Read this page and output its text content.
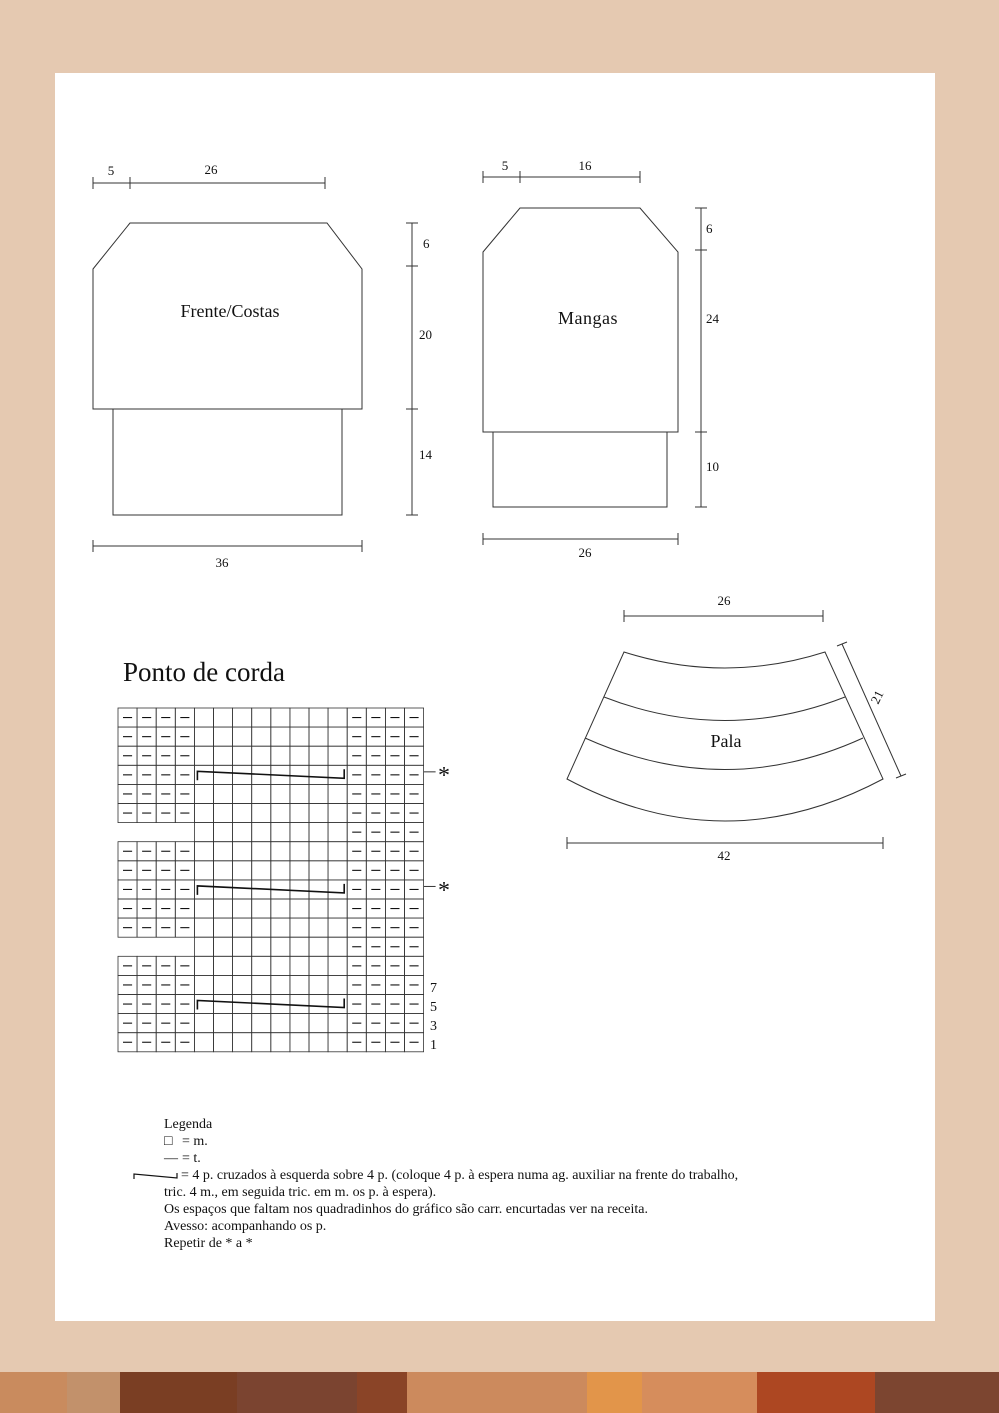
Frente/Costas
5	26
6
20
14
36
Mangas
5	16
6
24
10
26
Pala
26
21
42
Ponto de corda
7
5
3
1
*
*
Legenda
□ = m.
— = t.
= 4 p. cruzados à esquerda sobre 4 p. (coloque 4 p. à espera numa ag. auxiliar na frente do trabalho,
tric. 4 m., em seguida tric. em m. os p. à espera).
Os espaços que faltam nos quadradinhos do gráfico são carr. encurtadas ver na receita.
Avesso: acompanhando os p.
Repetir de * a *
